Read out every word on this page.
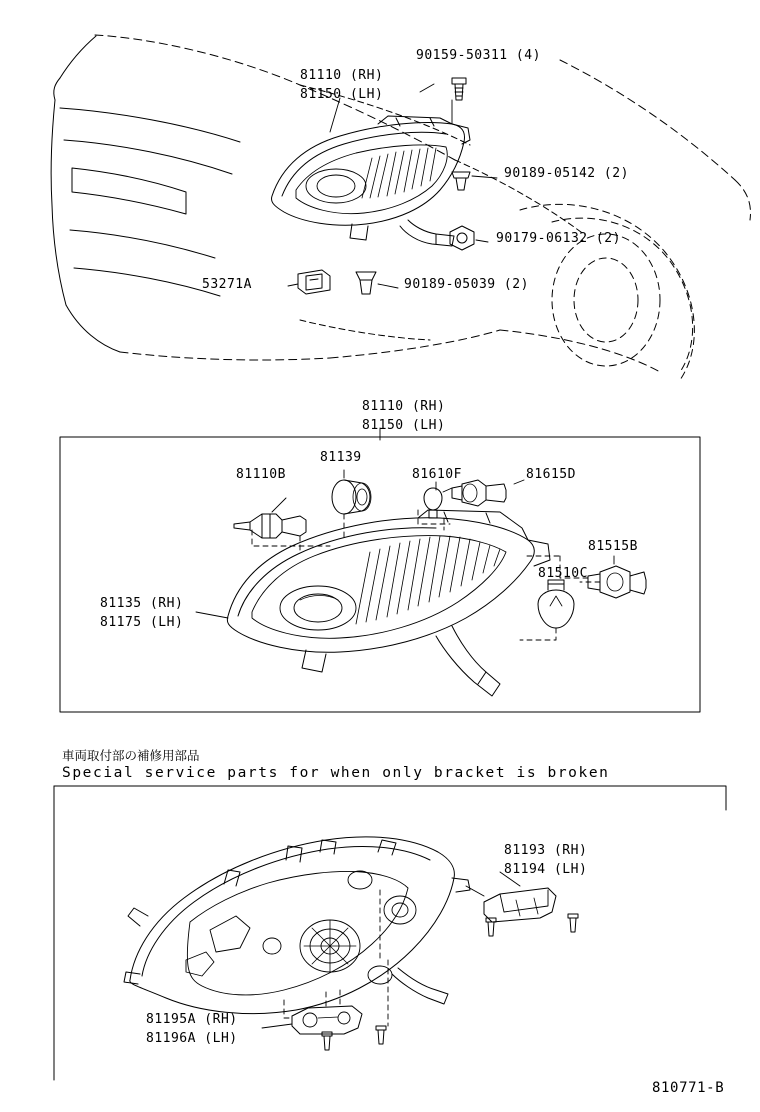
90159-50311 (4)
81110 (RH)
81150 (LH)
90189-05142 (2)
90179-06132 (2)
90189-05039 (2)
53271A
81110 (RH)
81150 (LH)
81110B
81139
81610F	81615D
81515B
81510C
81135 (RH)
81175 (LH)
車両取付部の補修用部品
Special service parts for when only bracket is broken
81193 (RH)
81194 (LH)
81195A (RH)
81196A (LH)
810771-B
